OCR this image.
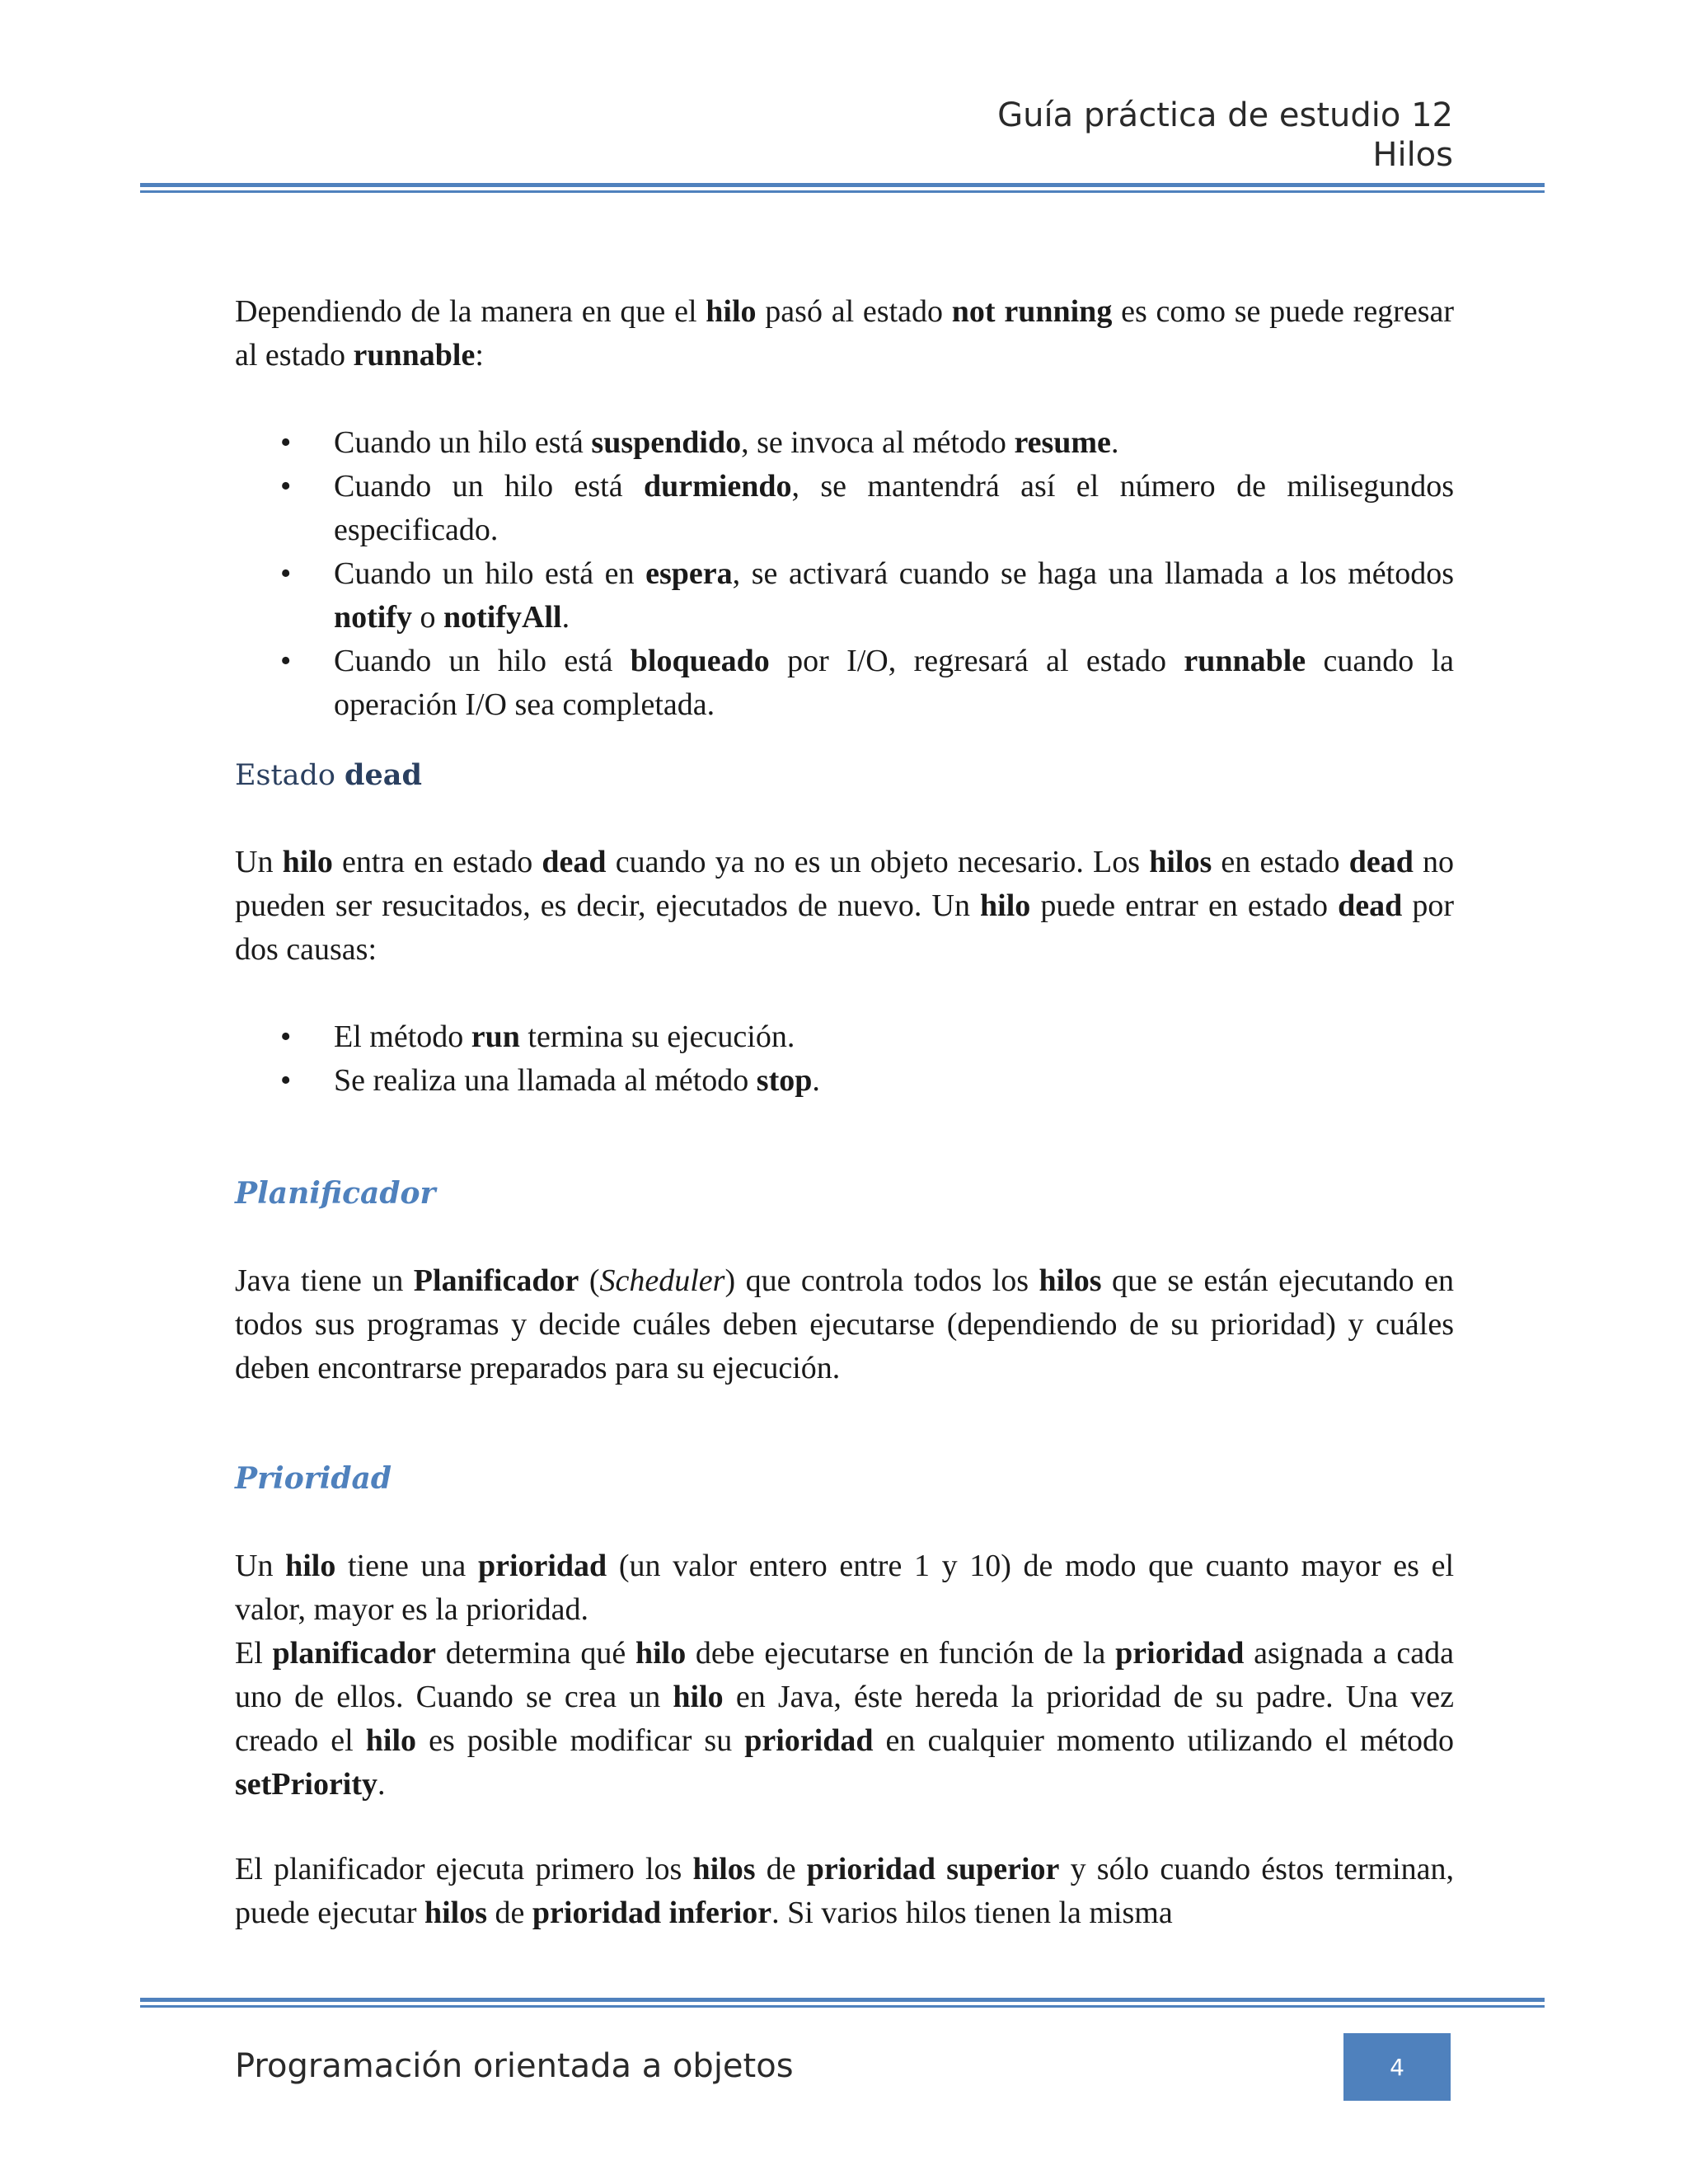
Guía práctica de estudio 12
Hilos

Dependiendo de la manera en que el hilo pasó al estado not running es como se puede regresar al estado runnable:

• Cuando un hilo está suspendido, se invoca al método resume.
• Cuando un hilo está durmiendo, se mantendrá así el número de milisegundos especificado.
• Cuando un hilo está en espera, se activará cuando se haga una llamada a los métodos notify o notifyAll.
• Cuando un hilo está bloqueado por I/O, regresará al estado runnable cuando la operación I/O sea completada.
Estado dead

Un hilo entra en estado dead cuando ya no es un objeto necesario. Los hilos en estado dead no pueden ser resucitados, es decir, ejecutados de nuevo. Un hilo puede entrar en estado dead por dos causas:

• El método run termina su ejecución.
• Se realiza una llamada al método stop.
Planificador

Java tiene un Planificador (Scheduler) que controla todos los hilos que se están ejecutando en todos sus programas y decide cuáles deben ejecutarse (dependiendo de su prioridad) y cuáles deben encontrarse preparados para su ejecución.

Prioridad

Un hilo tiene una prioridad (un valor entero entre 1 y 10) de modo que cuanto mayor es el valor, mayor es la prioridad.

El planificador determina qué hilo debe ejecutarse en función de la prioridad asignada a cada uno de ellos. Cuando se crea un hilo en Java, éste hereda la prioridad de su padre. Una vez creado el hilo es posible modificar su prioridad en cualquier momento utilizando el método setPriority.

El planificador ejecuta primero los hilos de prioridad superior y sólo cuando éstos terminan, puede ejecutar hilos de prioridad inferior. Si varios hilos tienen la misma

Programación orientada a objetos	4
